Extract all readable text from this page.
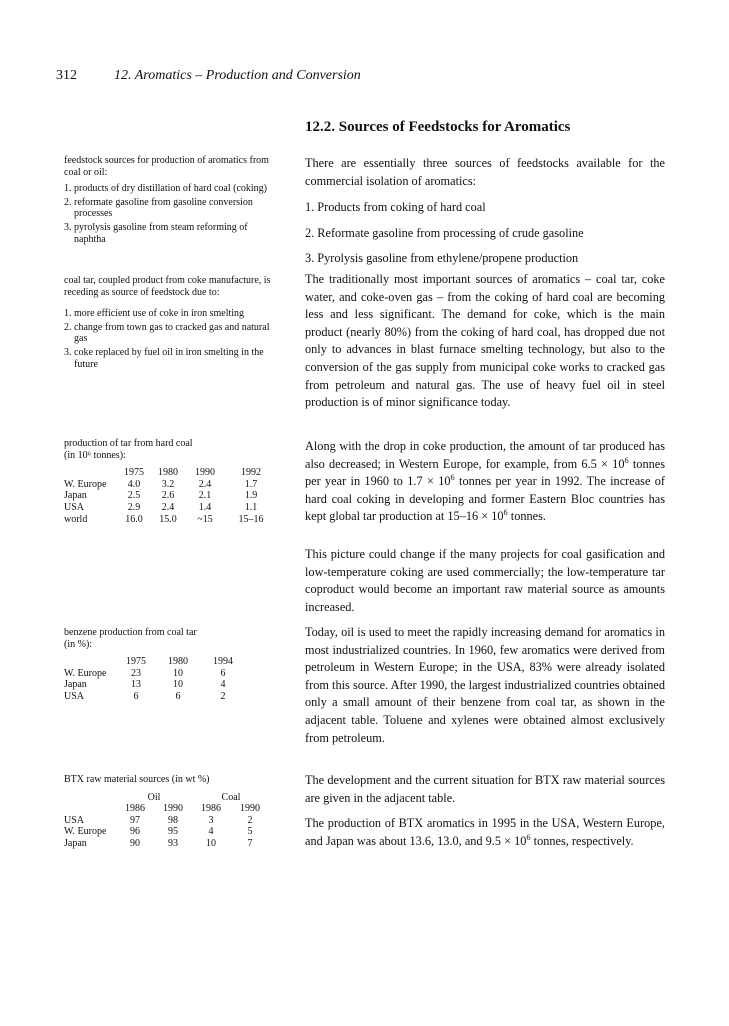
312	12. Aromatics – Production and Conversion
12.2. Sources of Feedstocks for Aromatics

feedstock sources for production of aromatics from coal or oil:

1. products of dry distillation of hard coal (coking)
2. reformate gasoline from gasoline conversion processes
3. pyrolysis gasoline from steam reforming of naphtha

coal tar, coupled product from coke manufacture, is receding as source of feedstock due to:

1. more efficient use of coke in iron smelting
2. change from town gas to cracked gas and natural gas
3. coke replaced by fuel oil in iron smelting in the future

production of tar from hard coal

(in 10⁶ tonnes):

	1975	1980	1990	1992
W. Europe	4.0	3.2	2.4	1.7
Japan	2.5	2.6	2.1	1.9
USA	2.9	2.4	1.4	1.1
world	16.0	15.0	~15	15–16

benzene production from coal tar

(in %):

	1975	1980	1994
W. Europe	23	10	6
Japan	13	10	4
USA	6	6	2

BTX raw material sources (in wt %)

	Oil		Coal	
	1986	1990	1986	1990
USA	97	98	3	2
W. Europe	96	95	4	5
Japan	90	93	10	7

There are essentially three sources of feedstocks available for the commercial isolation of aromatics:

1. Products from coking of hard coal
2. Reformate gasoline from processing of crude gasoline
3. Pyrolysis gasoline from ethylene/propene production

The traditionally most important sources of aromatics – coal tar, coke water, and coke-oven gas – from the coking of hard coal are becoming less and less significant. The demand for coke, which is the main product (nearly 80%) from the coking of hard coal, has dropped due not only to advances in blast furnace smelting technology, but also to the conversion of the gas supply from municipal coke works to cracked gas from petroleum and natural gas. The use of heavy fuel oil in steel production is of minor significance today.

Along with the drop in coke production, the amount of tar produced has also decreased; in Western Europe, for example, from $6.5 \times 10^6$ tonnes per year in 1960 to $1.7 \times 10^6$ tonnes per year in 1992. The increase of hard coal coking in developing and former Eastern Bloc countries has kept global tar production at $15-16 \times 10^6$ tonnes.

This picture could change if the many projects for coal gasification and low-temperature coking are used commercially; the low-temperature tar coproduct would become an important raw material source as amounts increased.

Today, oil is used to meet the rapidly increasing demand for aromatics in most industrialized countries. In 1960, few aromatics were derived from petroleum in Western Europe; in the USA, 83% were already isolated from this source. After 1990, the largest industrialized countries obtained only a small amount of their benzene from coal tar, as shown in the adjacent table. Toluene and xylenes were obtained almost exclusively from petroleum.

The development and the current situation for BTX raw material sources are given in the adjacent table.

The production of BTX aromatics in 1995 in the USA, Western Europe, and Japan was about 13.6, 13.0, and $9.5 \times 10^6$ tonnes, respectively.
